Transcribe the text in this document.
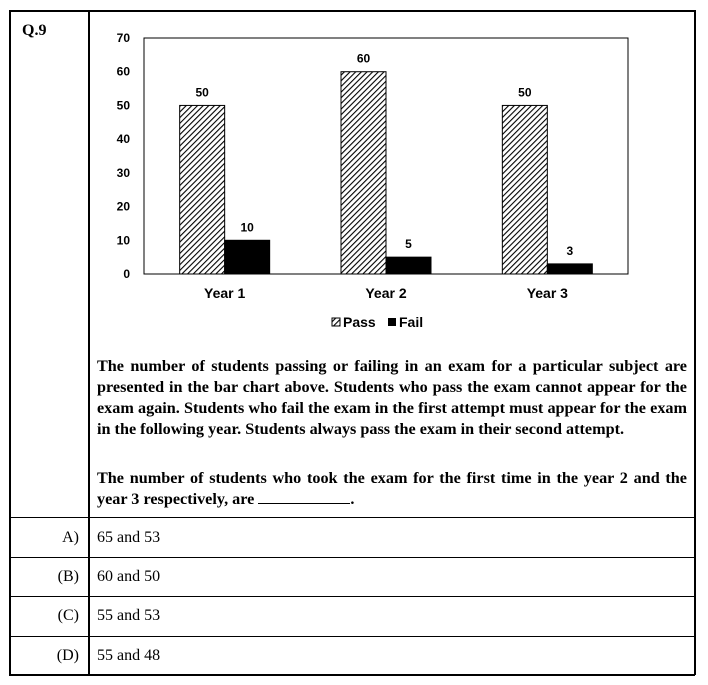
Q.9
0
10
20
30
40
50
60
70
50
10
60
5
50
3
Year 1	Year 2	Year 3
Pass Fail
The number of students passing or failing in an exam for a particular subject are presented in the bar chart above. Students who pass the exam cannot appear for the exam again. Students who fail the exam in the first attempt must appear for the exam in the following year. Students always pass the exam in their second attempt.
The number of students who took the exam for the first time in the year 2 and the year 3 respectively, are	.
A) 65 and 53
(B) 60 and 50
(C) 55 and 53
(D) 55 and 48
